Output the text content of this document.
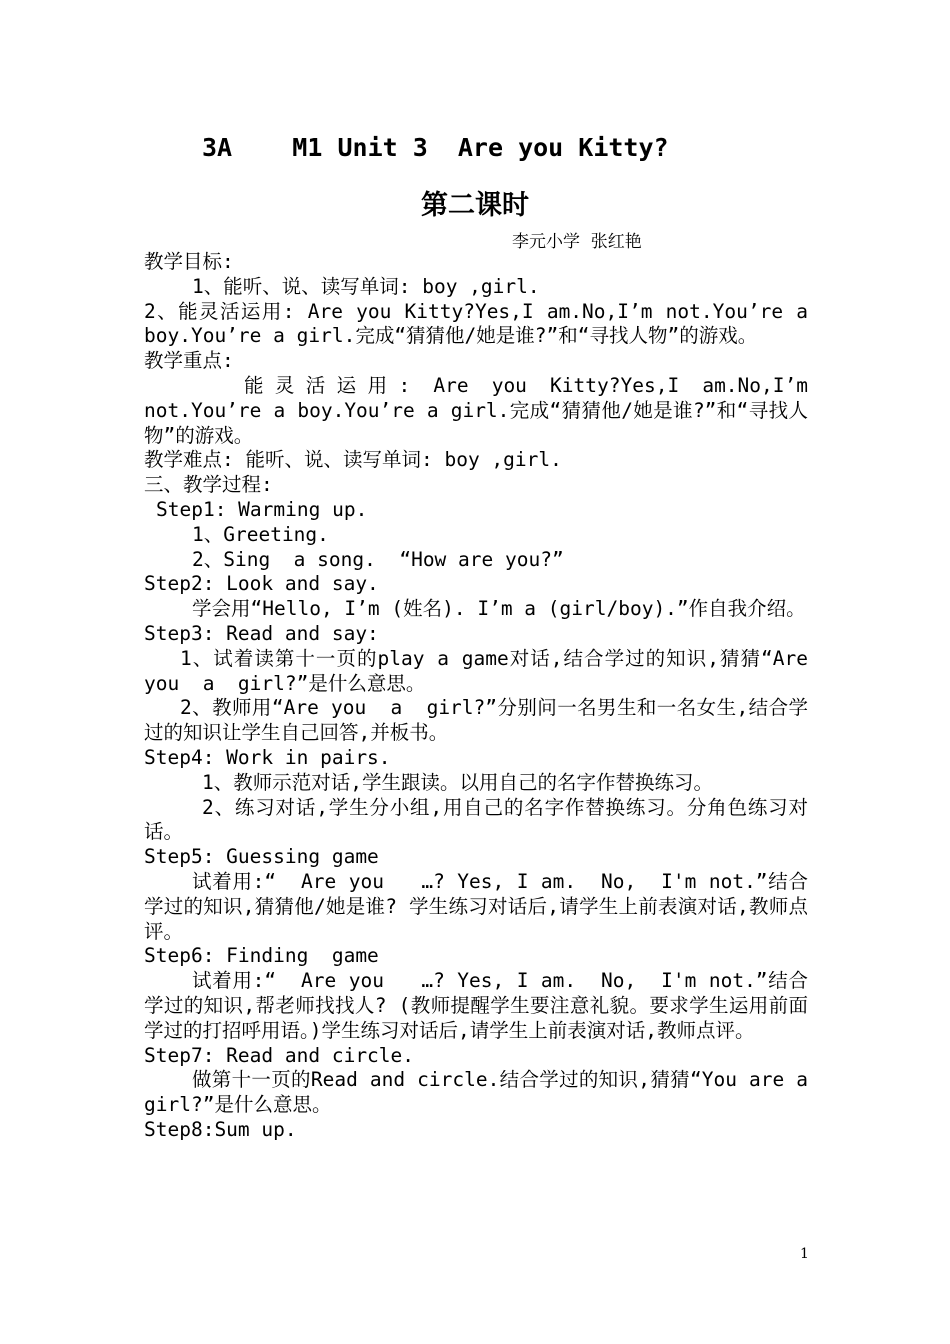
3A    M1 Unit 3  Are you Kitty?
第二课时
李元小学  张红艳

教学目标:

1、能听、说、读写单词: boy ,girl.

2、能灵活运用: Are you Kitty?Yes,I am.No,I’m not.You’re a boy.You’re a girl.完成“猜猜他/她是谁?”和“寻找人物”的游戏。

教学重点:

能灵活运用: Are you Kitty?Yes,I am.No,I’m not.You’re a boy.You’re a girl.完成“猜猜他/她是谁?”和“寻找人物”的游戏。

教学难点: 能听、说、读写单词: boy ,girl.

三、教学过程:

Step1: Warming up.

1、Greeting.

2、Sing  a song.  “How are you?”

Step2: Look and say.

学会用“Hello, I’m (姓名). I’m a (girl/boy).”作自我介绍。

Step3: Read and say:

1、试着读第十一页的play a game对话,结合学过的知识,猜猜“Are you  a  girl?”是什么意思。

2、教师用“Are you  a  girl?”分别问一名男生和一名女生,结合学过的知识让学生自己回答,并板书。

Step4: Work in pairs.

1、教师示范对话,学生跟读。以用自己的名字作替换练习。

2、练习对话,学生分小组,用自己的名字作替换练习。分角色练习对话。

Step5: Guessing game

试着用:“  Are you   …? Yes, I am.  No,  I'm not.”结合学过的知识,猜猜他/她是谁? 学生练习对话后,请学生上前表演对话,教师点评。

Step6: Finding  game

试着用:“  Are you   …? Yes, I am.  No,  I'm not.”结合学过的知识,帮老师找找人? (教师提醒学生要注意礼貌。要求学生运用前面学过的打招呼用语。)学生练习对话后,请学生上前表演对话,教师点评。

Step7: Read and circle.

做第十一页的Read and circle.结合学过的知识,猜猜“You are a  girl?”是什么意思。

Step8:Sum up.

1
